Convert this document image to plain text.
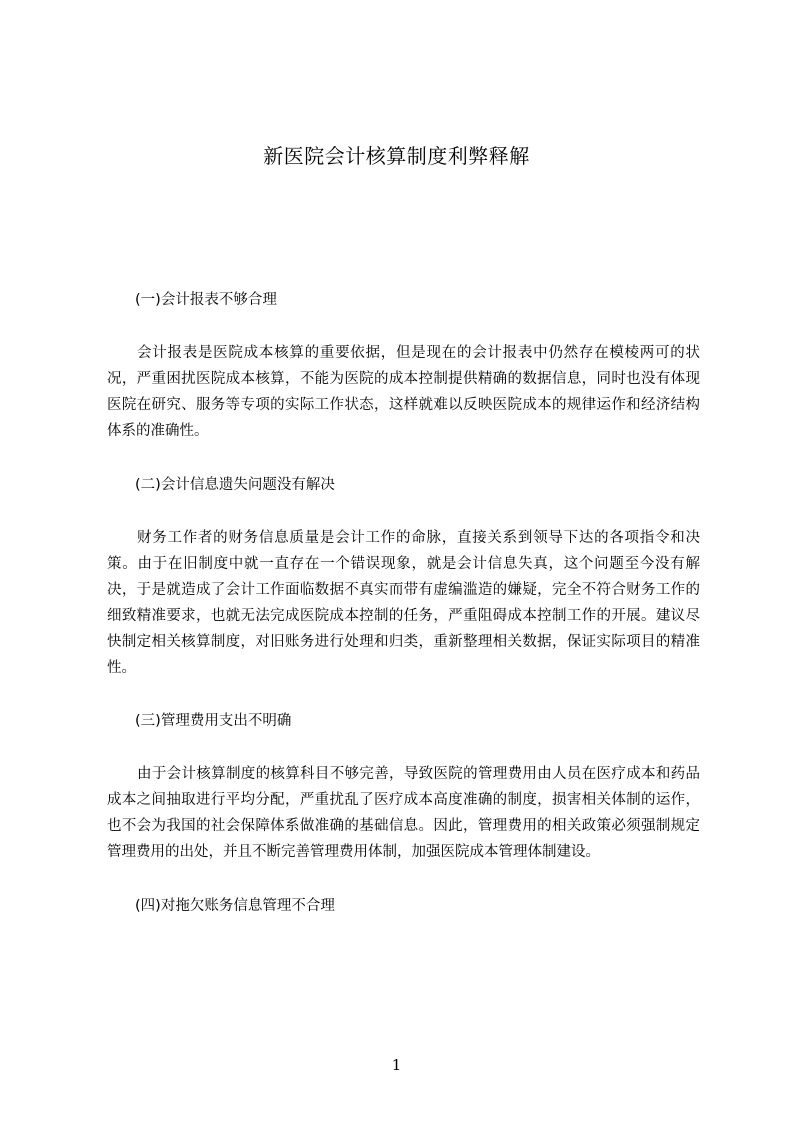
新医院会计核算制度利弊释解

(一)会计报表不够合理

会计报表是医院成本核算的重要依据，但是现在的会计报表中仍然存在模棱两可的状况，严重困扰医院成本核算，不能为医院的成本控制提供精确的数据信息，同时也没有体现医院在研究、服务等专项的实际工作状态，这样就难以反映医院成本的规律运作和经济结构体系的准确性。

(二)会计信息遗失问题没有解决

财务工作者的财务信息质量是会计工作的命脉，直接关系到领导下达的各项指令和决策。由于在旧制度中就一直存在一个错误现象，就是会计信息失真，这个问题至今没有解决，于是就造成了会计工作面临数据不真实而带有虚编滥造的嫌疑，完全不符合财务工作的细致精准要求，也就无法完成医院成本控制的任务，严重阻碍成本控制工作的开展。建议尽快制定相关核算制度，对旧账务进行处理和归类，重新整理相关数据，保证实际项目的精准性。

(三)管理费用支出不明确

由于会计核算制度的核算科目不够完善，导致医院的管理费用由人员在医疗成本和药品成本之间抽取进行平均分配，严重扰乱了医疗成本高度准确的制度，损害相关体制的运作，也不会为我国的社会保障体系做准确的基础信息。因此，管理费用的相关政策必须强制规定管理费用的出处，并且不断完善管理费用体制，加强医院成本管理体制建设。

(四)对拖欠账务信息管理不合理

1
